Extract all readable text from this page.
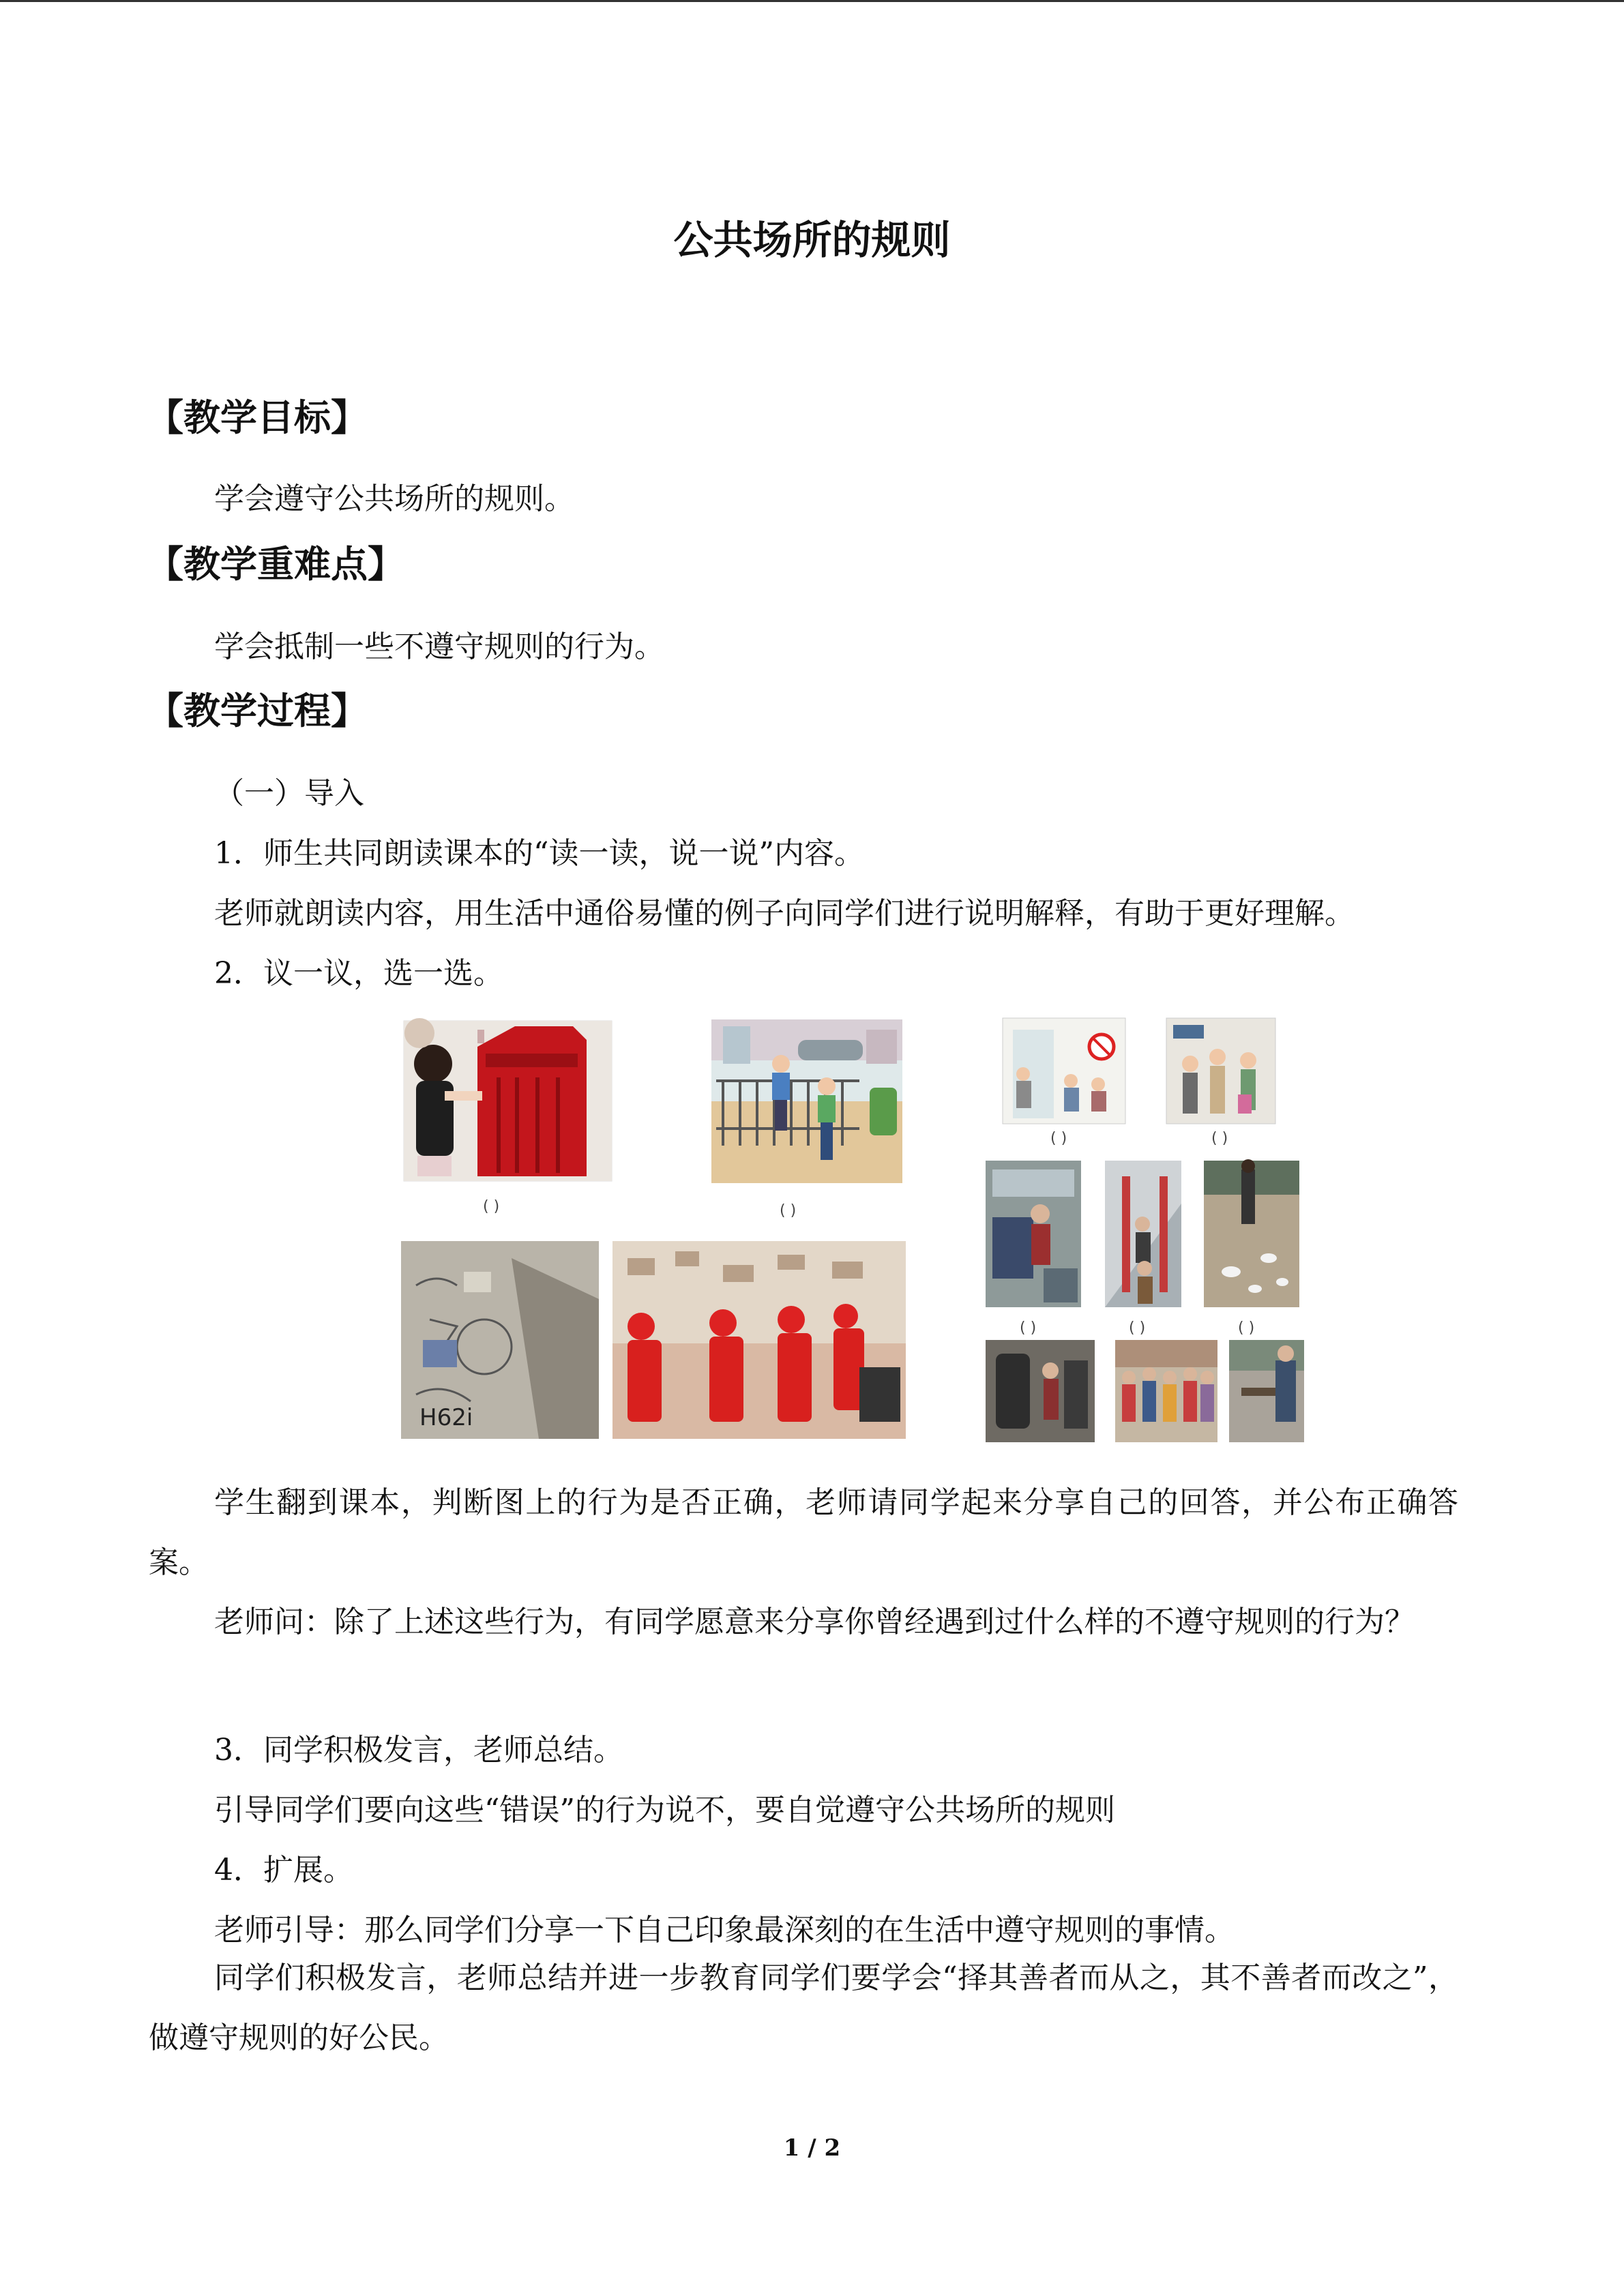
公共场所的规则
【教学目标】
学会遵守公共场所的规则。
【教学重难点】
学会抵制一些不遵守规则的行为。
【教学过程】
（一）导入
1．师生共同朗读课本的“读一读，说一说”内容。
老师就朗读内容，用生活中通俗易懂的例子向同学们进行说明解释，有助于更好理解。
2．议一议，选一选。
H62i
( )	( )
( )	( )
( )	( )	( )
学生翻到课本，判断图上的行为是否正确，老师请同学起来分享自己的回答，并公布正确答案。
老师问：除了上述这些行为，有同学愿意来分享你曾经遇到过什么样的不遵守规则的行为？
3．同学积极发言，老师总结。
引导同学们要向这些“错误”的行为说不，要自觉遵守公共场所的规则
4．扩展。
老师引导：那么同学们分享一下自己印象最深刻的在生活中遵守规则的事情。
同学们积极发言，老师总结并进一步教育同学们要学会“择其善者而从之，其不善者而改之”，做遵守规则的好公民。
1 / 2
